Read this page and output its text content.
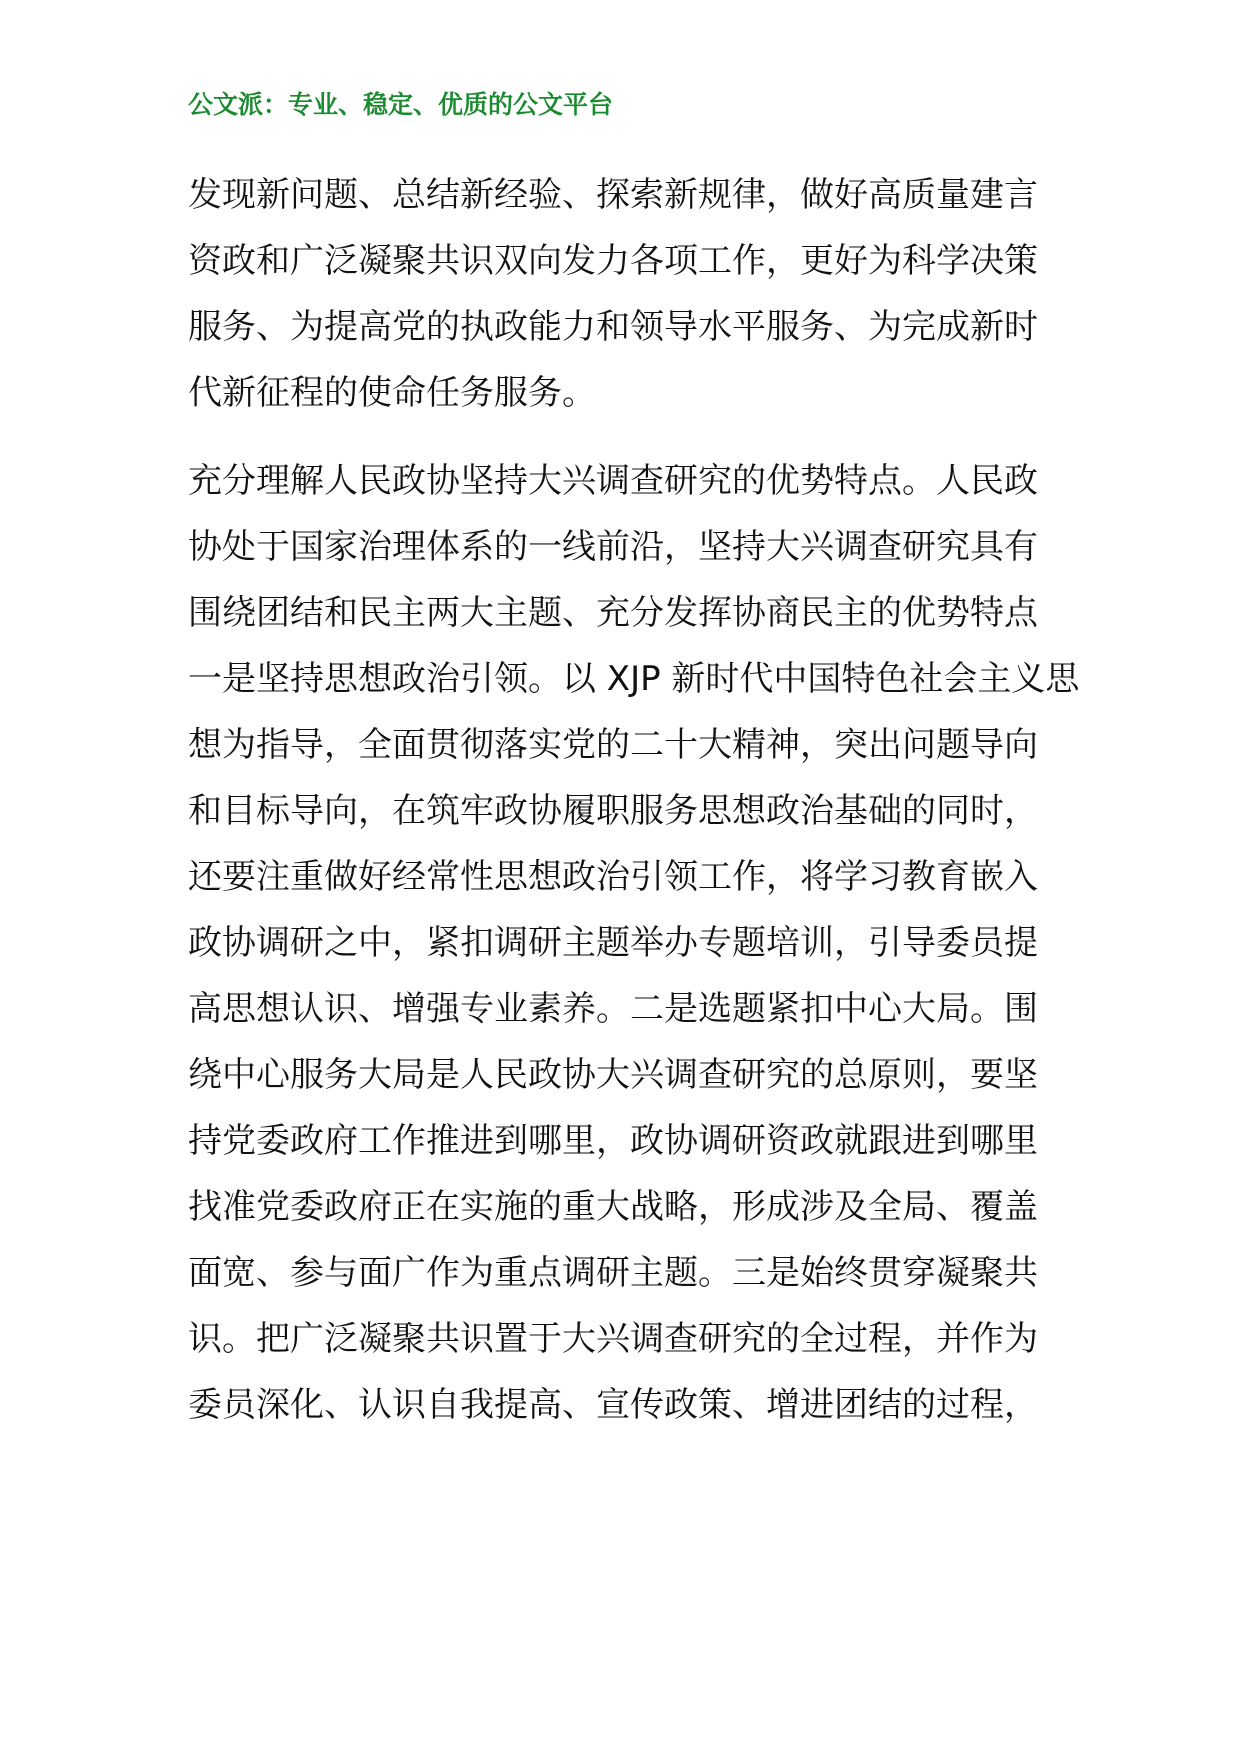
公文派：专业、稳定、优质的公文平台
发现新问题、总结新经验、探索新规律，做好高质量建言
资政和广泛凝聚共识双向发力各项工作，更好为科学决策
服务、为提高党的执政能力和领导水平服务、为完成新时
代新征程的使命任务服务。
充分理解人民政协坚持大兴调查研究的优势特点。人民政
协处于国家治理体系的一线前沿，坚持大兴调查研究具有
围绕团结和民主两大主题、充分发挥协商民主的优势特点
一是坚持思想政治引领。以 XJP 新时代中国特色社会主义思
想为指导，全面贯彻落实党的二十大精神，突出问题导向
和目标导向，在筑牢政协履职服务思想政治基础的同时，
还要注重做好经常性思想政治引领工作，将学习教育嵌入
政协调研之中，紧扣调研主题举办专题培训，引导委员提
高思想认识、增强专业素养。二是选题紧扣中心大局。围
绕中心服务大局是人民政协大兴调查研究的总原则，要坚
持党委政府工作推进到哪里，政协调研资政就跟进到哪里
找准党委政府正在实施的重大战略，形成涉及全局、覆盖
面宽、参与面广作为重点调研主题。三是始终贯穿凝聚共
识。把广泛凝聚共识置于大兴调查研究的全过程，并作为
委员深化、认识自我提高、宣传政策、增进团结的过程，
